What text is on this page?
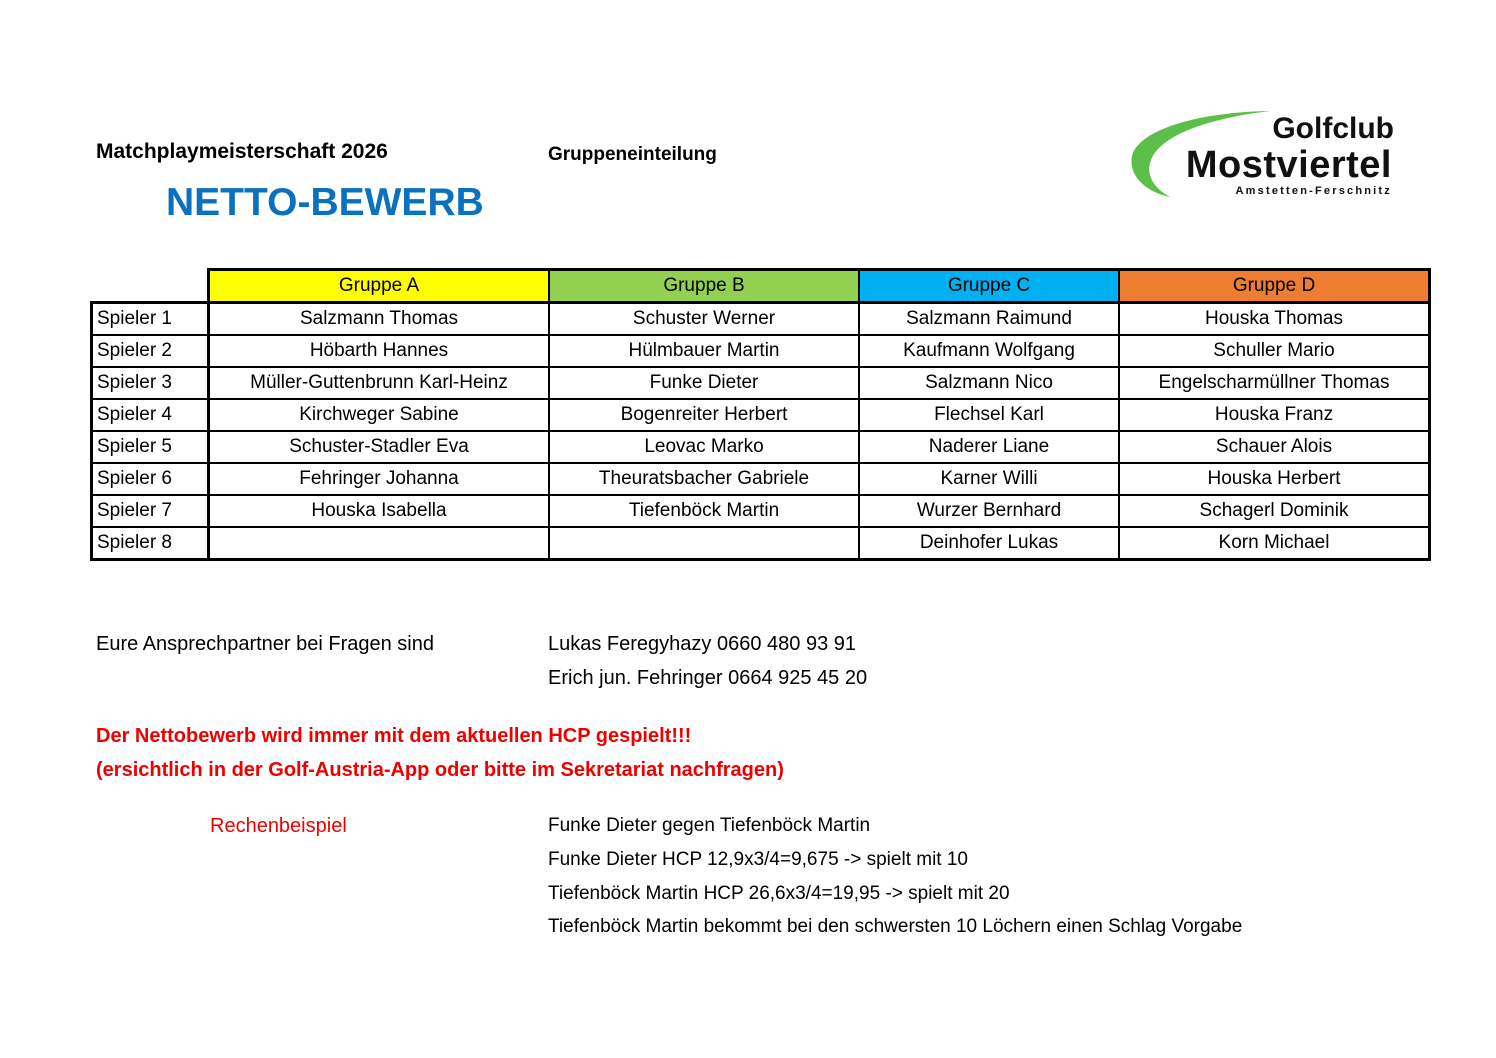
Matchplaymeisterschaft 2026	Gruppeneinteilung
NETTO-BEWERB
Golfclub
Mostviertel
Amstetten-Ferschnitz
	Gruppe A	Gruppe B	Gruppe C	Gruppe D
Spieler 1	Salzmann Thomas	Schuster Werner	Salzmann Raimund	Houska Thomas
Spieler 2	Höbarth Hannes	Hülmbauer Martin	Kaufmann Wolfgang	Schuller Mario
Spieler 3	Müller-Guttenbrunn Karl-Heinz	Funke Dieter	Salzmann Nico	Engelscharmüllner Thomas
Spieler 4	Kirchweger Sabine	Bogenreiter Herbert	Flechsel Karl	Houska Franz
Spieler 5	Schuster-Stadler Eva	Leovac Marko	Naderer Liane	Schauer Alois
Spieler 6	Fehringer Johanna	Theuratsbacher Gabriele	Karner Willi	Houska Herbert
Spieler 7	Houska Isabella	Tiefenböck Martin	Wurzer Bernhard	Schagerl Dominik
Spieler 8			Deinhofer Lukas	Korn Michael
Eure Ansprechpartner bei Fragen sind	Lukas Feregyhazy 0660 480 93 91
Erich jun. Fehringer 0664 925 45 20
Der Nettobewerb wird immer mit dem aktuellen HCP gespielt!!!
(ersichtlich in der Golf-Austria-App oder bitte im Sekretariat nachfragen)
Rechenbeispiel	Funke Dieter gegen Tiefenböck Martin
Funke Dieter HCP 12,9x3/4=9,675 -> spielt mit 10
Tiefenböck Martin HCP 26,6x3/4=19,95 -> spielt mit 20
Tiefenböck Martin bekommt bei den schwersten 10 Löchern einen Schlag Vorgabe
